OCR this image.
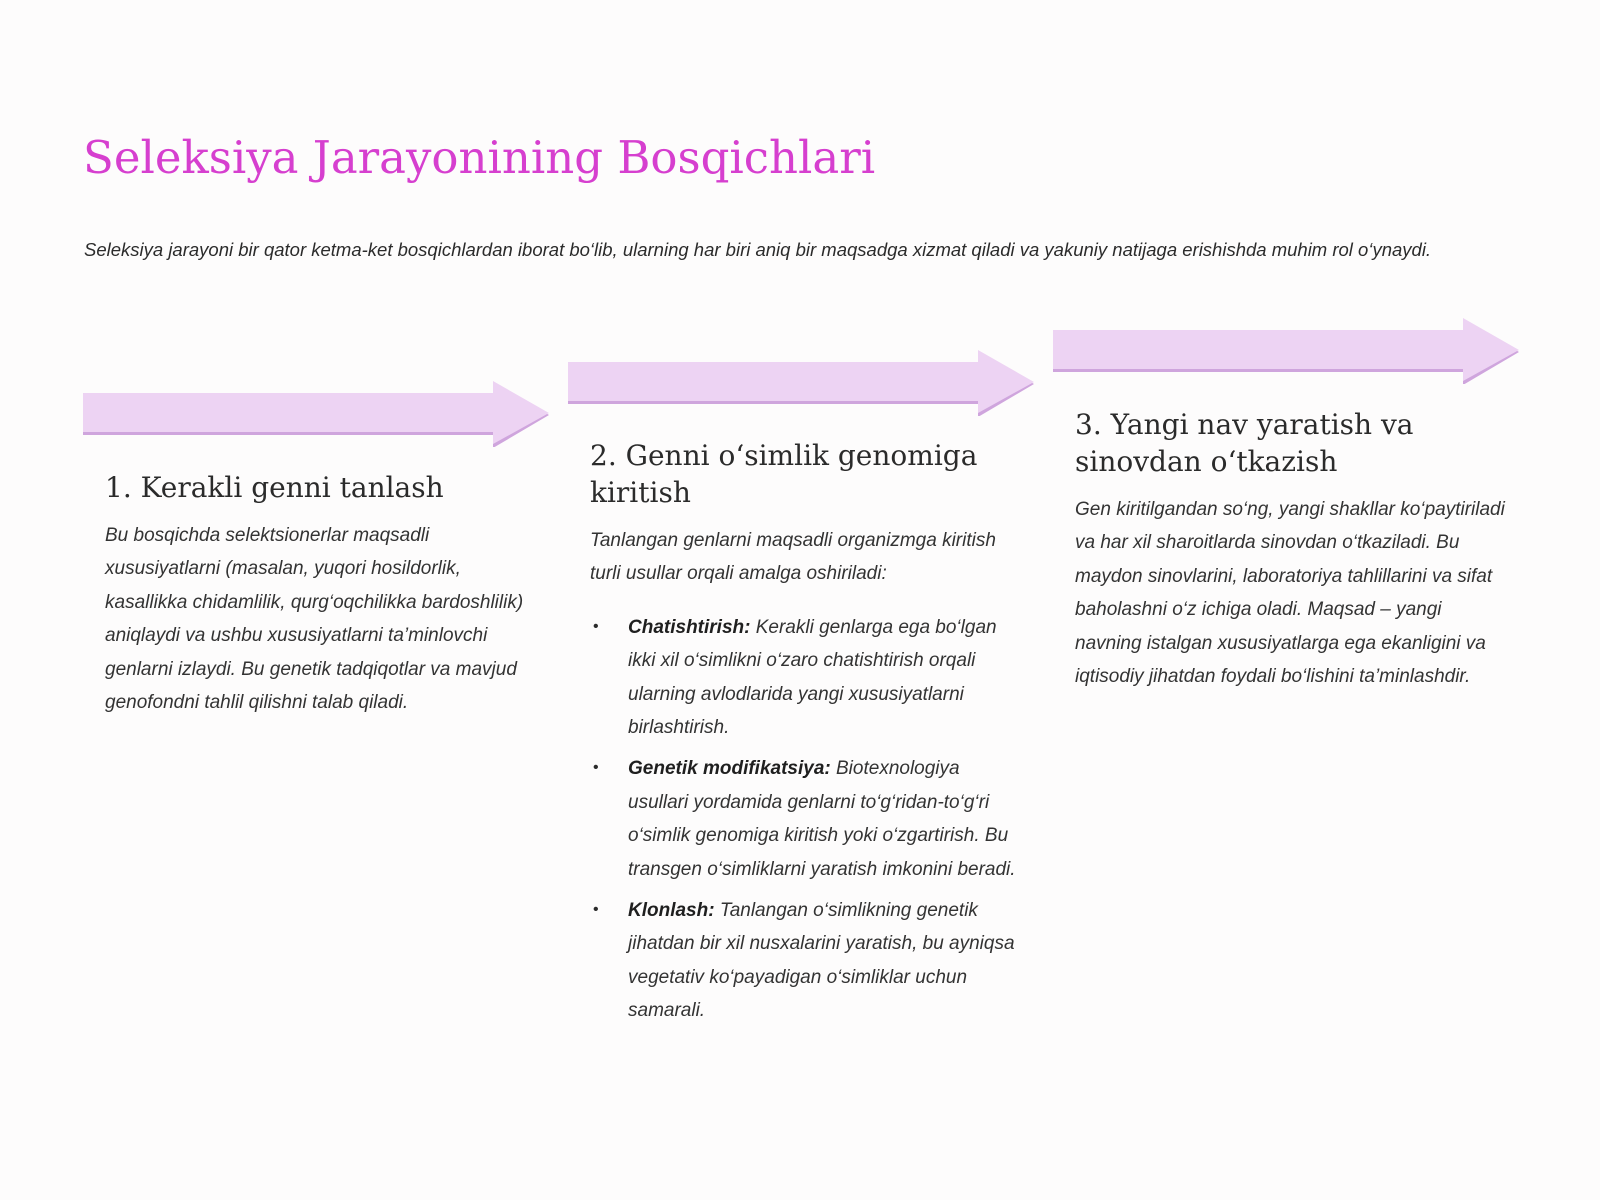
Seleksiya Jarayonining Bosqichlari

Seleksiya jarayoni bir qator ketma-ket bosqichlardan iborat bo‘lib, ularning har biri aniq bir maqsadga xizmat qiladi va yakuniy natijaga erishishda muhim rol o‘ynaydi.

1. Kerakli genni tanlash

Bu bosqichda selektsionerlar maqsadli xususiyatlarni (masalan, yuqori hosildorlik, kasallikka chidamlilik, qurg‘oqchilikka bardoshlilik) aniqlaydi va ushbu xususiyatlarni ta’minlovchi genlarni izlaydi. Bu genetik tadqiqotlar va mavjud genofondni tahlil qilishni talab qiladi.

2. Genni o‘simlik genomiga kiritish

Tanlangan genlarni maqsadli organizmga kiritish turli usullar orqali amalga oshiriladi:

• Chatishtirish: Kerakli genlarga ega bo‘lgan ikki xil o‘simlikni o‘zaro chatishtirish orqali ularning avlodlarida yangi xususiyatlarni birlashtirish.
• Genetik modifikatsiya: Biotexnologiya usullari yordamida genlarni to‘g‘ridan-to‘g‘ri o‘simlik genomiga kiritish yoki o‘zgartirish. Bu transgen o‘simliklarni yaratish imkonini beradi.
• Klonlash: Tanlangan o‘simlikning genetik jihatdan bir xil nusxalarini yaratish, bu ayniqsa vegetativ ko‘payadigan o‘simliklar uchun samarali.
3. Yangi nav yaratish va sinovdan o‘tkazish

Gen kiritilgandan so‘ng, yangi shakllar ko‘paytiriladi va har xil sharoitlarda sinovdan o‘tkaziladi. Bu maydon sinovlarini, laboratoriya tahlillarini va sifat baholashni o‘z ichiga oladi. Maqsad – yangi navning istalgan xususiyatlarga ega ekanligini va iqtisodiy jihatdan foydali bo‘lishini ta’minlashdir.
